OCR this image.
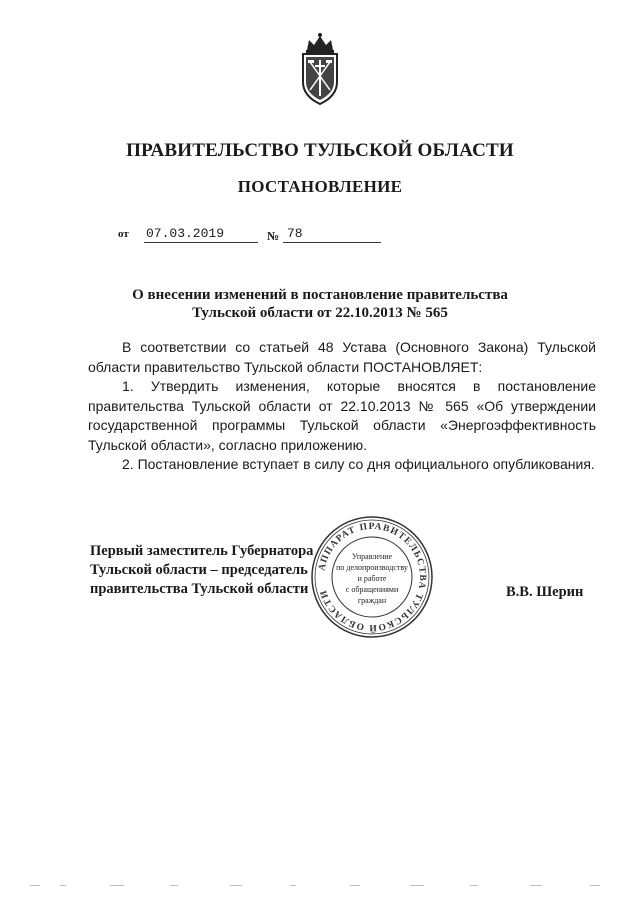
ПРАВИТЕЛЬСТВО ТУЛЬСКОЙ ОБЛАСТИ
ПОСТАНОВЛЕНИЕ
от 07.03.2019	№ 78
О внесении изменений в постановление правительства
Тульской области от 22.10.2013 № 565

В соответствии со статьей 48 Устава (Основного Закона) Тульской области правительство Тульской области ПОСТАНОВЛЯЕТ:

1. Утвердить изменения, которые вносятся в постановление правительства Тульской области от 22.10.2013 № 565 «Об утверждении государственной программы Тульской области «Энергоэффективность Тульской области», согласно приложению.

2. Постановление вступает в силу со дня официального опубликования.

Первый заместитель Губернатора
Тульской области – председатель
правительства Тульской области
АППАРАТ ПРАВИТЕЛЬСТВА ТУЛЬСКОЙ ОБЛАСТИ
Управление
по делопроизводству
и работе
с обращениями
граждан
В.В. Шерин
